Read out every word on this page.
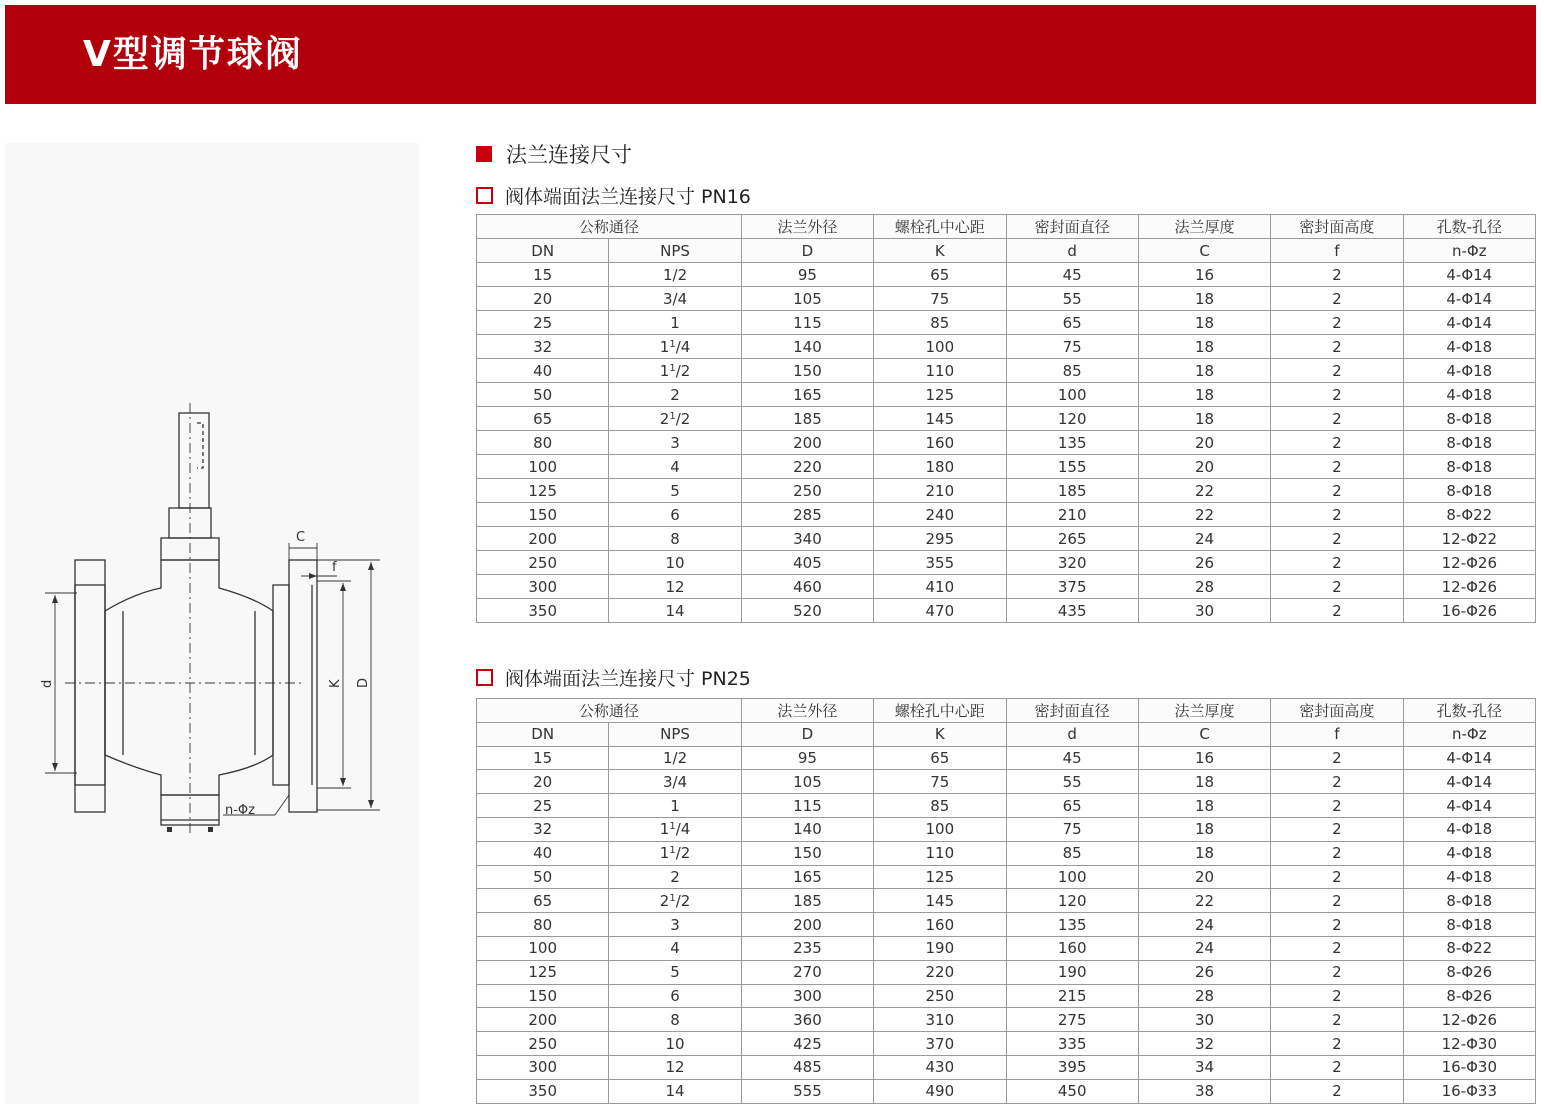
V型调节球阀
C
f
d	K D
n-Φz
法兰连接尺寸
阀体端面法兰连接尺寸 PN16
公称通径		法兰外径	螺栓孔中心距	密封面直径	法兰厚度	密封面高度	孔数-孔径
DN	NPS	D	K	d	C	f	n-Φz
15	1/2	95	65	45	16	2	4-Φ14
20	3/4	105	75	55	18	2	4-Φ14
25	1	115	85	65	18	2	4-Φ14
32	$1^1/4$	140	100	75	18	2	4-Φ18
40	$1^1/2$	150	110	85	18	2	4-Φ18
50	2	165	125	100	18	2	4-Φ18
65	$2^1/2$	185	145	120	18	2	8-Φ18
80	3	200	160	135	20	2	8-Φ18
100	4	220	180	155	20	2	8-Φ18
125	5	250	210	185	22	2	8-Φ18
150	6	285	240	210	22	2	8-Φ22
200	8	340	295	265	24	2	12-Φ22
250	10	405	355	320	26	2	12-Φ26
300	12	460	410	375	28	2	12-Φ26
350	14	520	470	435	30	2	16-Φ26
阀体端面法兰连接尺寸 PN25
公称通径		法兰外径	螺栓孔中心距	密封面直径	法兰厚度	密封面高度	孔数-孔径
DN	NPS	D	K	d	C	f	n-Φz
15	1/2	95	65	45	16	2	4-Φ14
20	3/4	105	75	55	18	2	4-Φ14
25	1	115	85	65	18	2	4-Φ14
32	$1^1/4$	140	100	75	18	2	4-Φ18
40	$1^1/2$	150	110	85	18	2	4-Φ18
50	2	165	125	100	20	2	4-Φ18
65	$2^1/2$	185	145	120	22	2	8-Φ18
80	3	200	160	135	24	2	8-Φ18
100	4	235	190	160	24	2	8-Φ22
125	5	270	220	190	26	2	8-Φ26
150	6	300	250	215	28	2	8-Φ26
200	8	360	310	275	30	2	12-Φ26
250	10	425	370	335	32	2	12-Φ30
300	12	485	430	395	34	2	16-Φ30
350	14	555	490	450	38	2	16-Φ33
